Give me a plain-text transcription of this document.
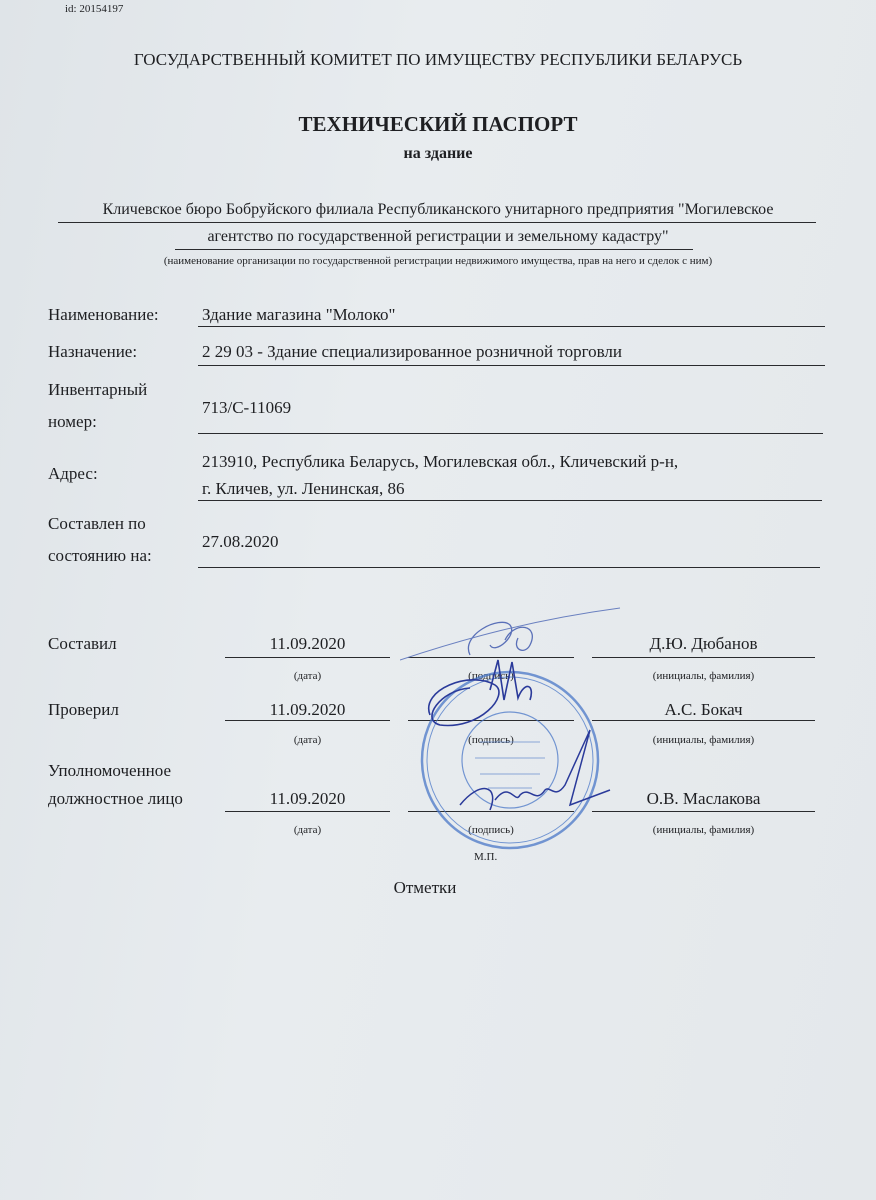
id: 20154197
ГОСУДАРСТВЕННЫЙ КОМИТЕТ ПО ИМУЩЕСТВУ РЕСПУБЛИКИ БЕЛАРУСЬ
ТЕХНИЧЕСКИЙ ПАСПОРТ
на здание
Кличевское бюро Бобруйского филиала Республиканского унитарного предприятия "Могилевское
агентство по государственной регистрации и земельному кадастру"
(наименование организации по государственной регистрации недвижимого имущества, прав на него и сделок с ним)
Наименование:	Здание магазина "Молоко"
Назначение:	2 29 03 - Здание специализированное розничной торговли
Инвентарный
номер:
713/С-11069
Адрес:
213910, Республика Беларусь, Могилевская обл., Кличевский р-н,
г. Кличев, ул. Ленинская, 86
Составлен по
состоянию на:
27.08.2020
Составил	11.09.2020	Д.Ю. Дюбанов
(дата)	(подпись)	(инициалы, фамилия)
Проверил	11.09.2020	А.С. Бокач
(дата)	(подпись)	(инициалы, фамилия)
Уполномоченное
должностное лицо	11.09.2020	О.В. Маслакова
(дата)	(подпись)	(инициалы, фамилия)
М.П.
Отметки
